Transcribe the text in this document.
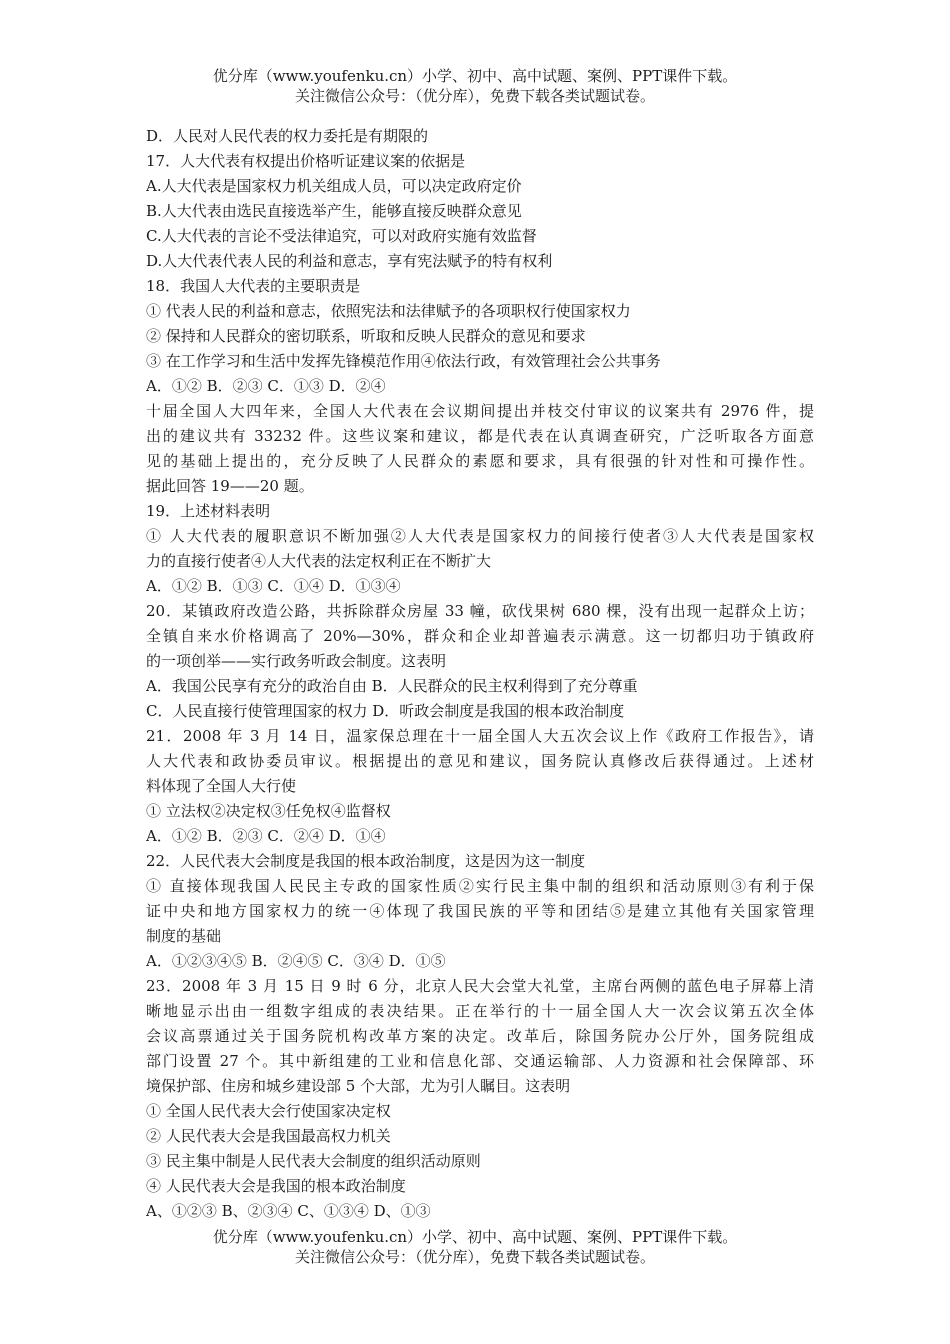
优分库（www.youfenku.cn）小学、初中、高中试题、案例、PPT课件下载。
关注微信公众号：（优分库），免费下载各类试题试卷。
D．人民对人民代表的权力委托是有期限的
17．人大代表有权提出价格听证建议案的依据是
A.人大代表是国家权力机关组成人员，可以决定政府定价
B.人大代表由选民直接选举产生，能够直接反映群众意见
C.人大代表的言论不受法律追究，可以对政府实施有效监督
D.人大代表代表人民的利益和意志，享有宪法赋予的特有权利
18．我国人大代表的主要职责是
① 代表人民的利益和意志，依照宪法和法律赋予的各项职权行使国家权力
② 保持和人民群众的密切联系，听取和反映人民群众的意见和要求
③ 在工作学习和生活中发挥先锋模范作用④依法行政，有效管理社会公共事务
A．①② B．②③ C．①③ D．②④
十届全国人大四年来，全国人大代表在会议期间提出并枝交付审议的议案共有 2976 件，提
出的建议共有 33232 件。这些议案和建议，都是代表在认真调查研究，广泛听取各方面意
见的基础上提出的，充分反映了人民群众的素愿和要求，具有很强的针对性和可操作性。
据此回答 19——20 题。
19．上述材料表明
① 人大代表的履职意识不断加强②人大代表是国家权力的间接行使者③人大代表是国家权
力的直接行使者④人大代表的法定权利正在不断扩大
A．①② B．①③ C．①④ D．①③④
20．某镇政府改造公路，共拆除群众房屋 33 幢，砍伐果树 680 棵，没有出现一起群众上访；
全镇自来水价格调高了 20%—30%，群众和企业却普遍表示满意。这一切都归功于镇政府
的一项创举——实行政务听政会制度。这表明
A．我国公民享有充分的政治自由 B．人民群众的民主权利得到了充分尊重
C．人民直接行使管理国家的权力 D．听政会制度是我国的根本政治制度
21．2008 年 3 月 14 日，温家保总理在十一届全国人大五次会议上作《政府工作报告》，请
人大代表和政协委员审议。根据提出的意见和建议，国务院认真修改后获得通过。上述材
料体现了全国人大行使
① 立法权②决定权③任免权④监督权
A．①② B．②③ C．②④ D．①④
22．人民代表大会制度是我国的根本政治制度，这是因为这一制度
① 直接体现我国人民民主专政的国家性质②实行民主集中制的组织和活动原则③有利于保
证中央和地方国家权力的统一④体现了我国民族的平等和团结⑤是建立其他有关国家管理
制度的基础
A．①②③④⑤ B．②④⑤ C．③④ D．①⑤
23．2008 年 3 月 15 日 9 时 6 分，北京人民大会堂大礼堂，主席台两侧的蓝色电子屏幕上清
晰地显示出由一组数字组成的表决结果。正在举行的十一届全国人大一次会议第五次全体
会议高票通过关于国务院机构改革方案的决定。改革后，除国务院办公厅外，国务院组成
部门设置 27 个。其中新组建的工业和信息化部、交通运输部、人力资源和社会保障部、环
境保护部、住房和城乡建设部 5 个大部，尤为引人瞩目。这表明
① 全国人民代表大会行使国家决定权
② 人民代表大会是我国最高权力机关
③ 民主集中制是人民代表大会制度的组织活动原则
④ 人民代表大会是我国的根本政治制度
A、①②③ B、②③④ C、①③④ D、①③
优分库（www.youfenku.cn）小学、初中、高中试题、案例、PPT课件下载。
关注微信公众号：（优分库），免费下载各类试题试卷。
